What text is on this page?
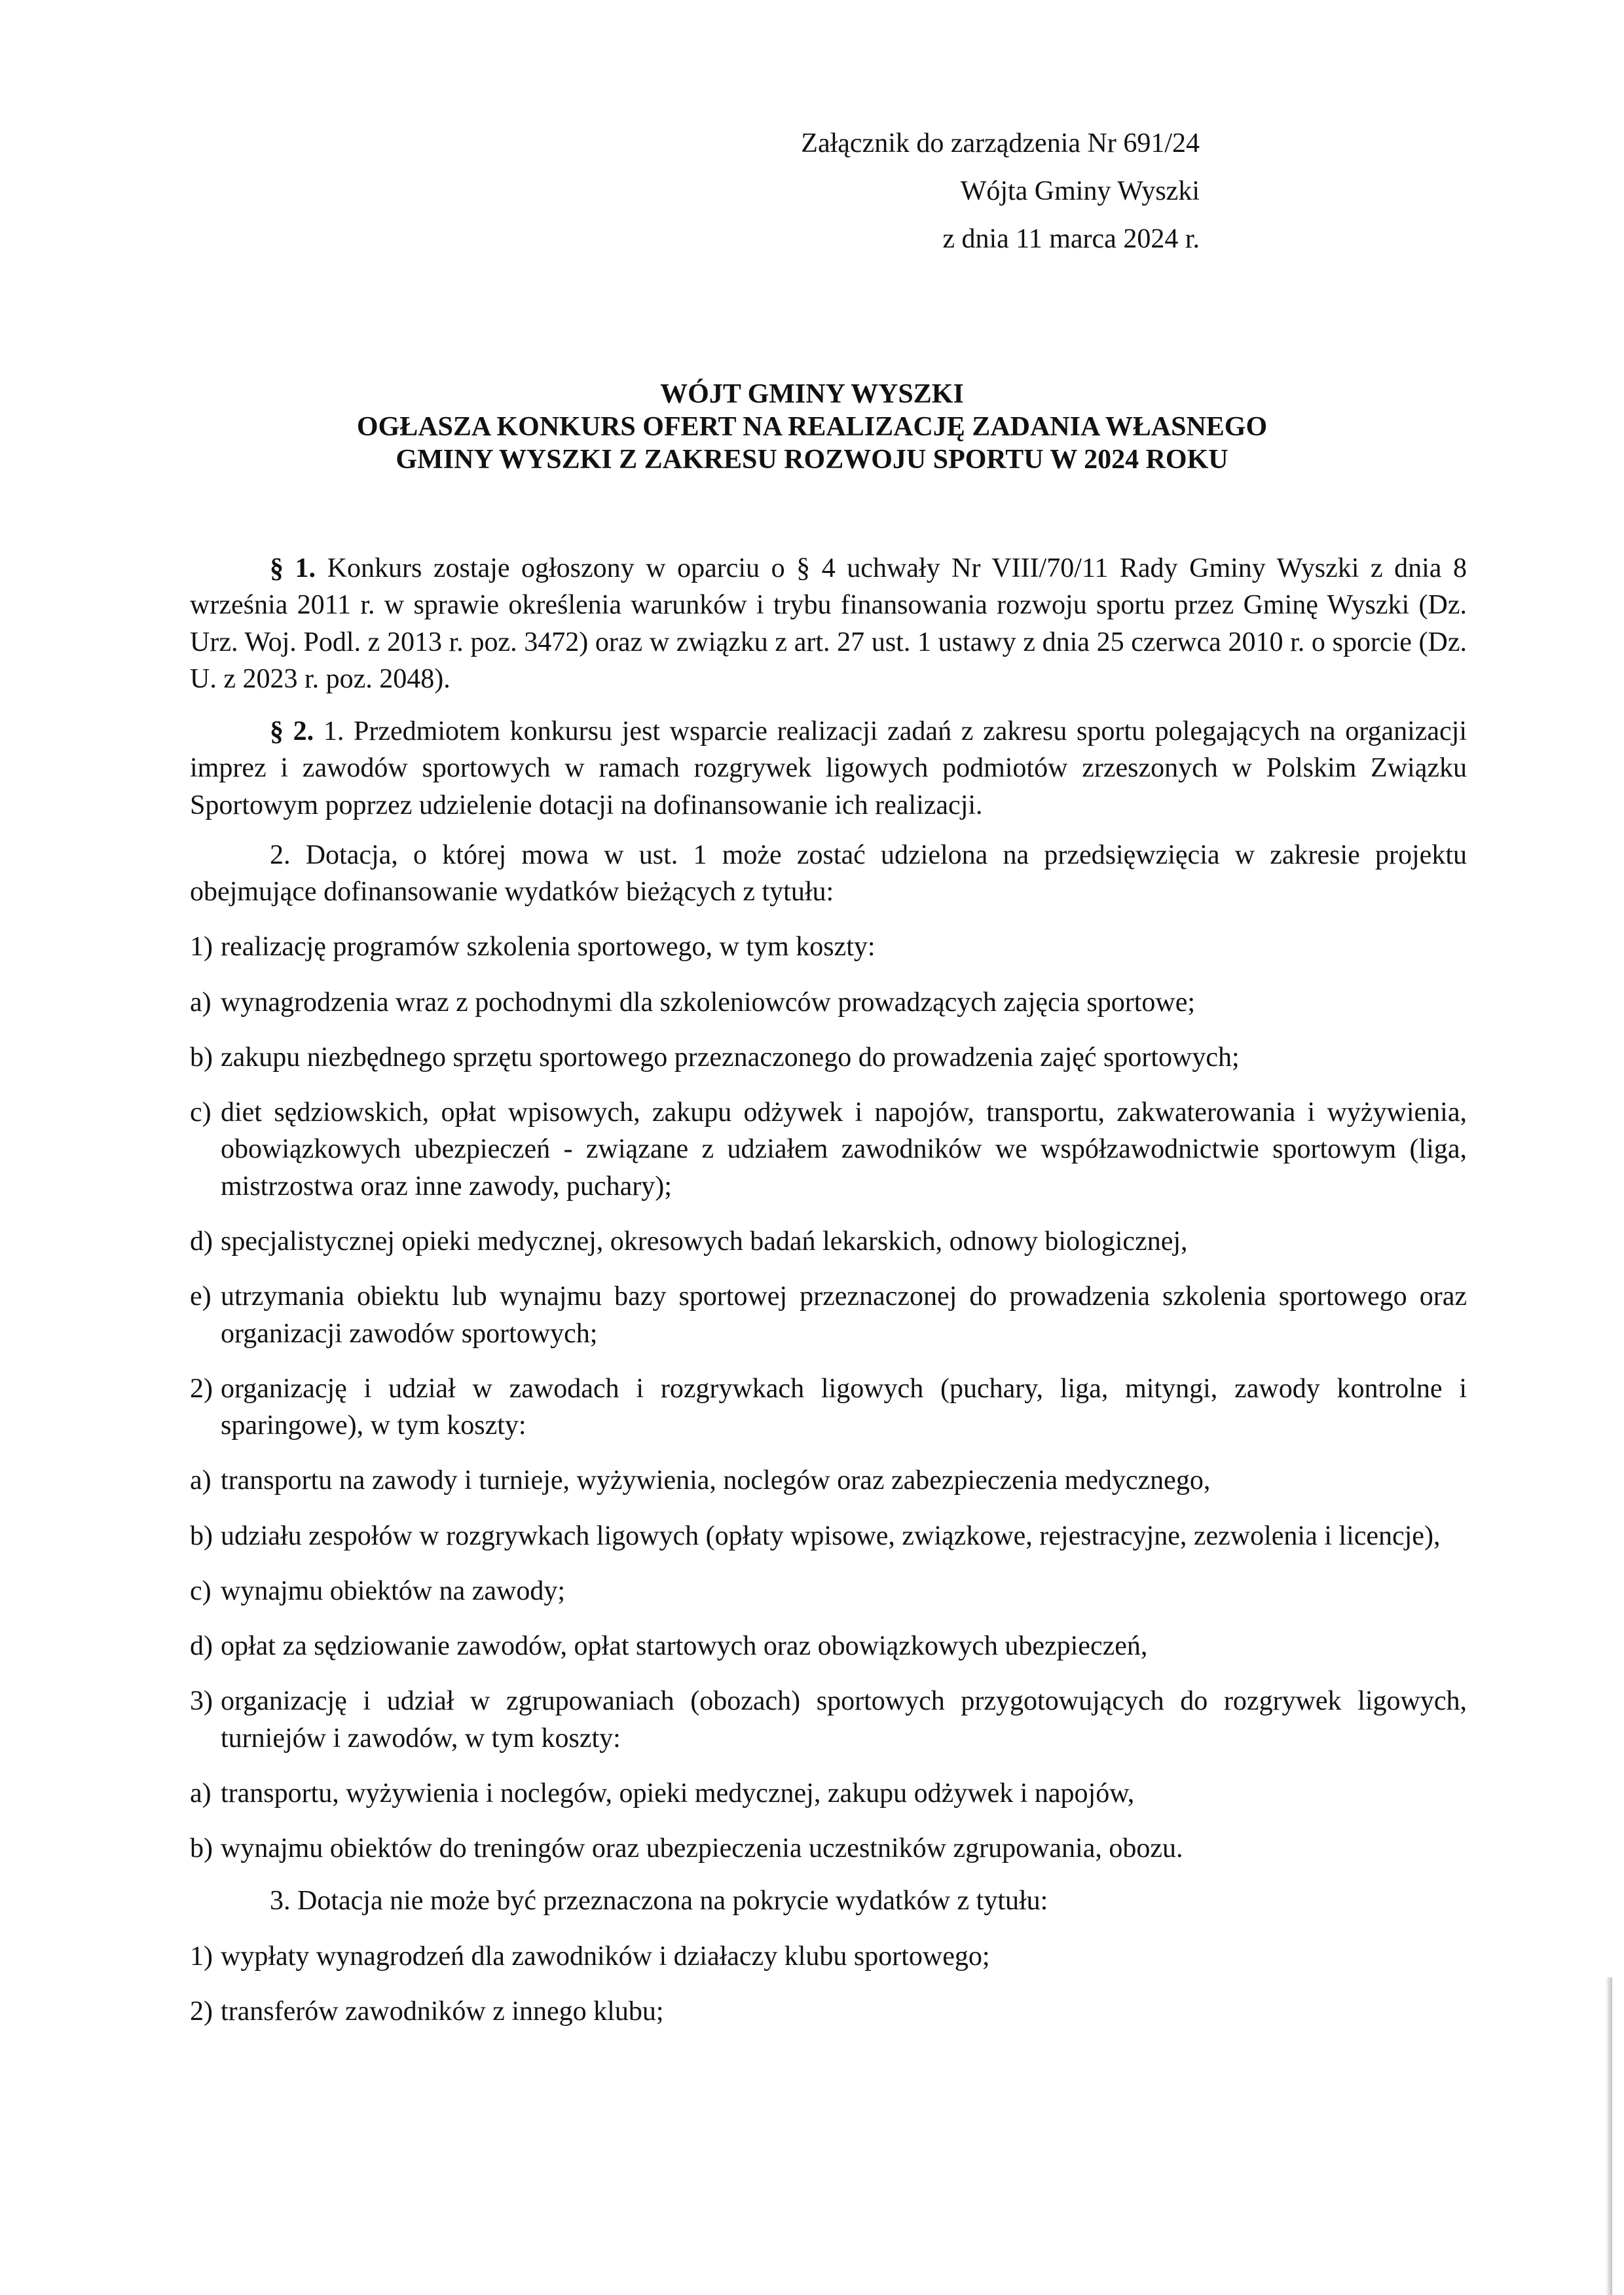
Załącznik do zarządzenia Nr 691/24
Wójta Gminy Wyszki
z dnia 11 marca 2024 r.
WÓJT GMINY WYSZKI
OGŁASZA KONKURS OFERT NA REALIZACJĘ ZADANIA WŁASNEGO
GMINY WYSZKI Z ZAKRESU ROZWOJU SPORTU W 2024 ROKU

§ 1. Konkurs zostaje ogłoszony w oparciu o § 4 uchwały Nr VIII/70/11 Rady Gminy Wyszki z dnia 8 września 2011 r. w sprawie określenia warunków i trybu finansowania rozwoju sportu przez Gminę Wyszki (Dz. Urz. Woj. Podl. z 2013 r. poz. 3472) oraz w związku z art. 27 ust. 1 ustawy z dnia 25 czerwca 2010 r. o sporcie (Dz. U. z 2023 r. poz. 2048).

§ 2. 1. Przedmiotem konkursu jest wsparcie realizacji zadań z zakresu sportu polegających na organizacji imprez i zawodów sportowych w ramach rozgrywek ligowych podmiotów zrzeszonych w Polskim Związku Sportowym poprzez udzielenie dotacji na dofinansowanie ich realizacji.

2. Dotacja, o której mowa w ust. 1 może zostać udzielona na przedsięwzięcia w zakresie projektu obejmujące dofinansowanie wydatków bieżących z tytułu:

1) realizację programów szkolenia sportowego, w tym koszty:

a) wynagrodzenia wraz z pochodnymi dla szkoleniowców prowadzących zajęcia sportowe;

b) zakupu niezbędnego sprzętu sportowego przeznaczonego do prowadzenia zajęć sportowych;

c) diet sędziowskich, opłat wpisowych, zakupu odżywek i napojów, transportu, zakwaterowania i wyżywienia, obowiązkowych ubezpieczeń - związane z udziałem zawodników we współzawodnictwie sportowym (liga, mistrzostwa oraz inne zawody, puchary);

d) specjalistycznej opieki medycznej, okresowych badań lekarskich, odnowy biologicznej,

e) utrzymania obiektu lub wynajmu bazy sportowej przeznaczonej do prowadzenia szkolenia sportowego oraz organizacji zawodów sportowych;

2) organizację i udział w zawodach i rozgrywkach ligowych (puchary, liga, mityngi, zawody kontrolne i sparingowe), w tym koszty:

a) transportu na zawody i turnieje, wyżywienia, noclegów oraz zabezpieczenia medycznego,

b) udziału zespołów w rozgrywkach ligowych (opłaty wpisowe, związkowe, rejestracyjne, zezwolenia i licencje),

c) wynajmu obiektów na zawody;

d) opłat za sędziowanie zawodów, opłat startowych oraz obowiązkowych ubezpieczeń,

3) organizację i udział w zgrupowaniach (obozach) sportowych przygotowujących do rozgrywek ligowych, turniejów i zawodów, w tym koszty:

a) transportu, wyżywienia i noclegów, opieki medycznej, zakupu odżywek i napojów,

b) wynajmu obiektów do treningów oraz ubezpieczenia uczestników zgrupowania, obozu.

3. Dotacja nie może być przeznaczona na pokrycie wydatków z tytułu:

1) wypłaty wynagrodzeń dla zawodników i działaczy klubu sportowego;

2) transferów zawodników z innego klubu;
